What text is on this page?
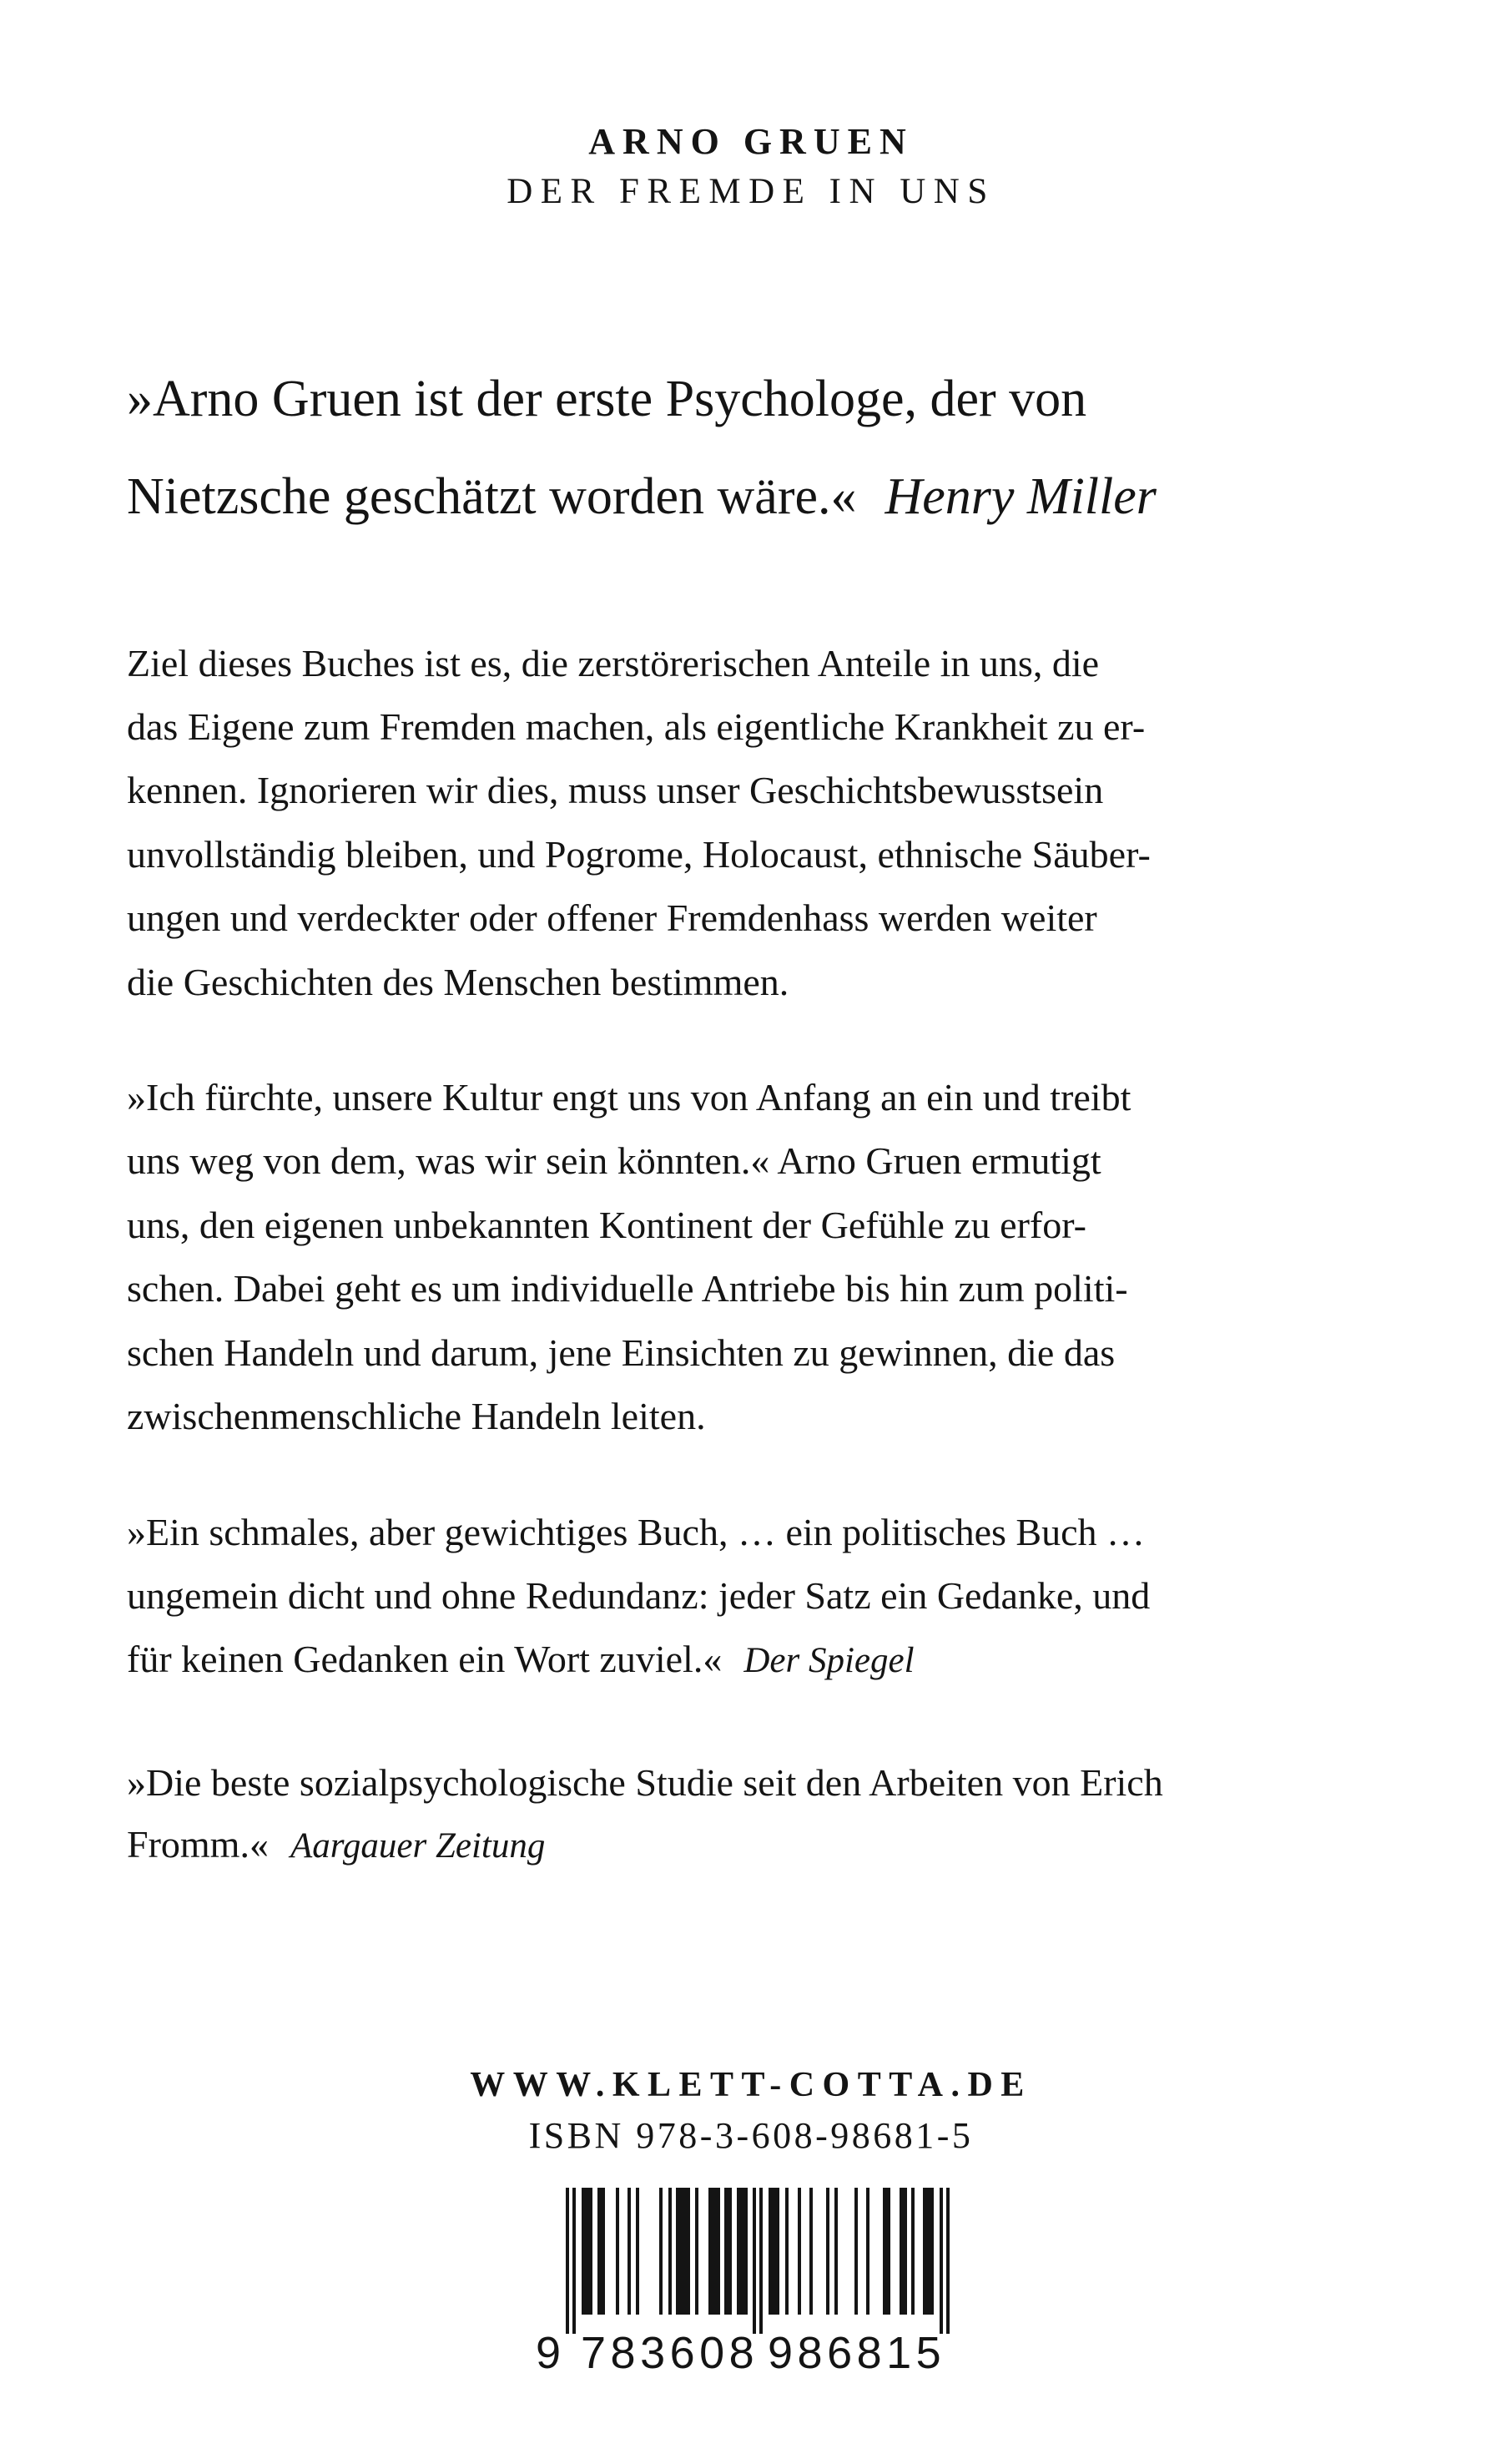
ARNO GRUEN
DER FREMDE IN UNS
»Arno Gruen ist der erste Psychologe, der von
Nietzsche geschätzt worden wäre.« Henry Miller
Ziel dieses Buches ist es, die zerstörerischen Anteile in uns, die
das Eigene zum Fremden machen, als eigentliche Krankheit zu er-
kennen. Ignorieren wir dies, muss unser Geschichtsbewusstsein
unvollständig bleiben, und Pogrome, Holocaust, ethnische Säuber-
ungen und verdeckter oder offener Fremdenhass werden weiter
die Geschichten des Menschen bestimmen.
»Ich fürchte, unsere Kultur engt uns von Anfang an ein und treibt
uns weg von dem, was wir sein könnten.« Arno Gruen ermutigt
uns, den eigenen unbekannten Kontinent der Gefühle zu erfor-
schen. Dabei geht es um individuelle Antriebe bis hin zum politi-
schen Handeln und darum, jene Einsichten zu gewinnen, die das
zwischenmenschliche Handeln leiten.
»Ein schmales, aber gewichtiges Buch, … ein politisches Buch …
ungemein dicht und ohne Redundanz: jeder Satz ein Gedanke, und
für keinen Gedanken ein Wort zuviel.« Der Spiegel
»Die beste sozialpsychologische Studie seit den Arbeiten von Erich
Fromm.« Aargauer Zeitung
WWW.KLETT-COTTA.DE
ISBN 978-3-608-98681-5
9 783608 986815
